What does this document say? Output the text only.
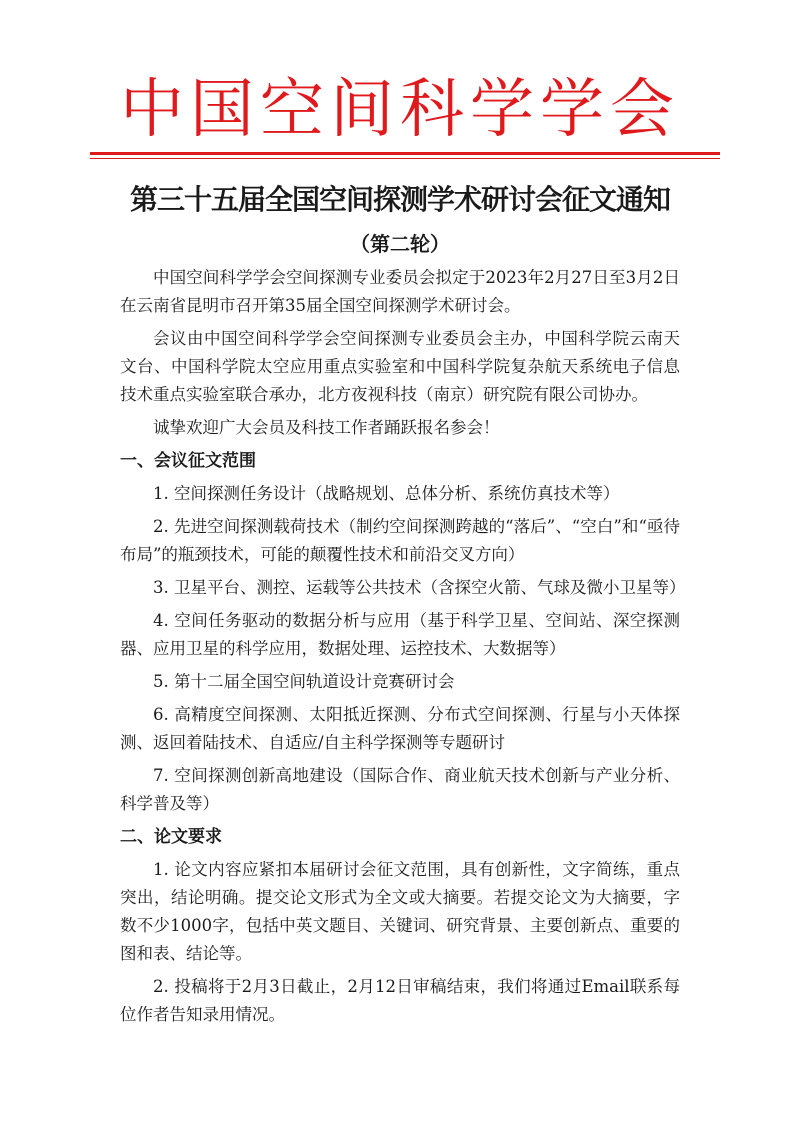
中国空间科学学会
第三十五届全国空间探测学术研讨会征文通知
（第二轮）

中国空间科学学会空间探测专业委员会拟定于2023年2月27日至3月2日在云南省昆明市召开第35届全国空间探测学术研讨会。

会议由中国空间科学学会空间探测专业委员会主办，中国科学院云南天文台、中国科学院太空应用重点实验室和中国科学院复杂航天系统电子信息技术重点实验室联合承办，北方夜视科技（南京）研究院有限公司协办。

诚挚欢迎广大会员及科技工作者踊跃报名参会！

一、会议征文范围

1. 空间探测任务设计（战略规划、总体分析、系统仿真技术等）

2. 先进空间探测载荷技术（制约空间探测跨越的“落后”、“空白”和“亟待布局”的瓶颈技术，可能的颠覆性技术和前沿交叉方向）

3. 卫星平台、测控、运载等公共技术（含探空火箭、气球及微小卫星等）

4. 空间任务驱动的数据分析与应用（基于科学卫星、空间站、深空探测器、应用卫星的科学应用，数据处理、运控技术、大数据等）

5. 第十二届全国空间轨道设计竞赛研讨会

6. 高精度空间探测、太阳抵近探测、分布式空间探测、行星与小天体探测、返回着陆技术、自适应/自主科学探测等专题研讨

7. 空间探测创新高地建设（国际合作、商业航天技术创新与产业分析、科学普及等）

二、论文要求

1. 论文内容应紧扣本届研讨会征文范围，具有创新性，文字简练，重点突出，结论明确。提交论文形式为全文或大摘要。若提交论文为大摘要，字数不少1000字，包括中英文题目、关键词、研究背景、主要创新点、重要的图和表、结论等。

2. 投稿将于2月3日截止，2月12日审稿结束，我们将通过Email联系每位作者告知录用情况。
